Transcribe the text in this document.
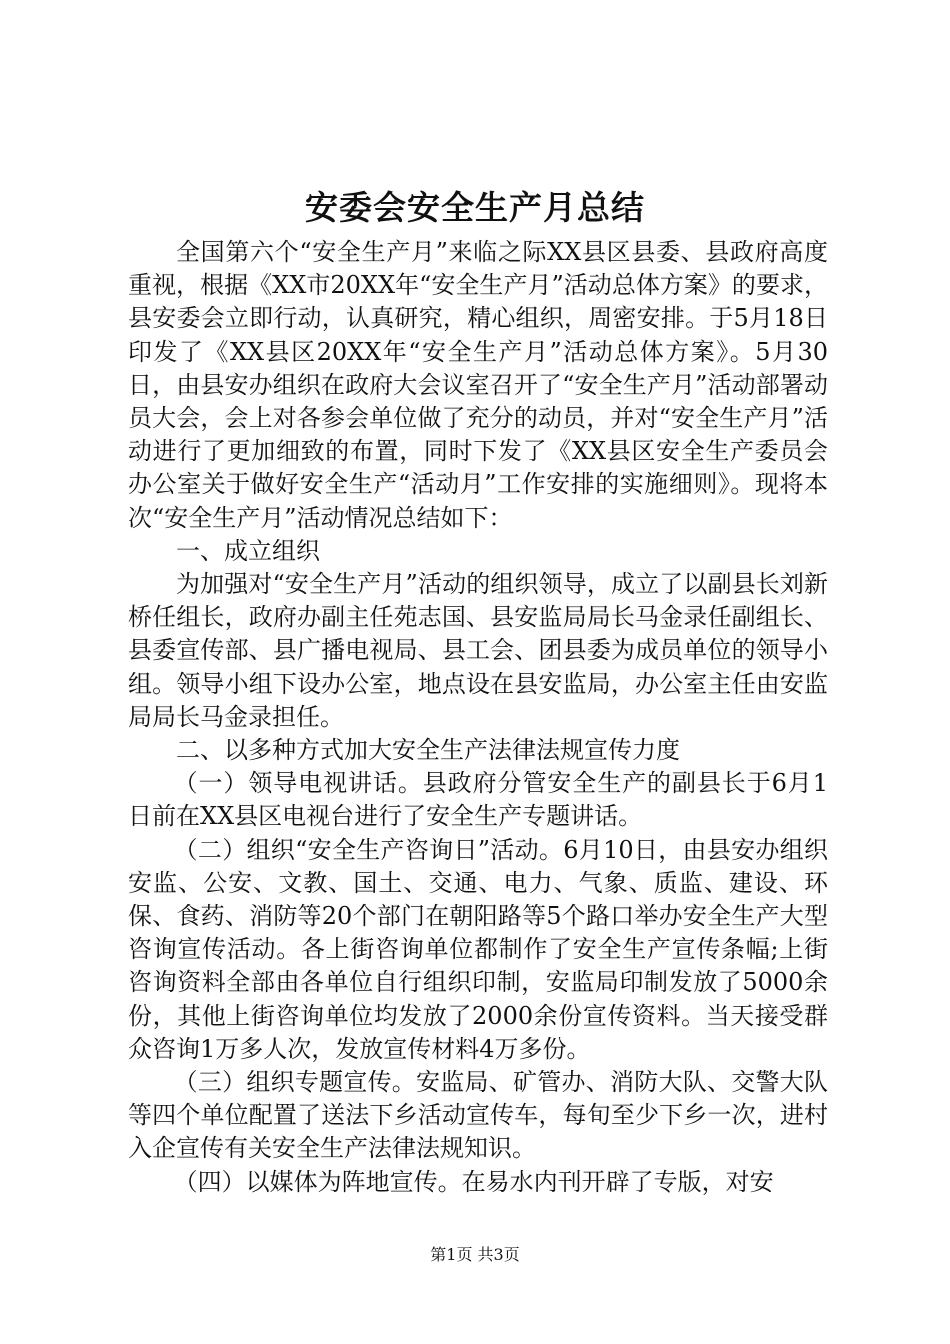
安委会安全生产月总结

全国第六个“安全生产月”来临之际XX县区县委、县政府高度重视，根据《XX市20XX年“安全生产月”活动总体方案》的要求，县安委会立即行动，认真研究，精心组织，周密安排。于5月18日印发了《XX县区20XX年“安全生产月”活动总体方案》。5月30日，由县安办组织在政府大会议室召开了“安全生产月”活动部署动员大会，会上对各参会单位做了充分的动员，并对“安全生产月”活动进行了更加细致的布置，同时下发了《XX县区安全生产委员会办公室关于做好安全生产“活动月”工作安排的实施细则》。现将本次“安全生产月”活动情况总结如下：

一、成立组织

为加强对“安全生产月”活动的组织领导，成立了以副县长刘新桥任组长，政府办副主任苑志国、县安监局局长马金录任副组长、县委宣传部、县广播电视局、县工会、团县委为成员单位的领导小组。领导小组下设办公室，地点设在县安监局，办公室主任由安监局局长马金录担任。

二、以多种方式加大安全生产法律法规宣传力度

（一）领导电视讲话。县政府分管安全生产的副县长于6月1日前在XX县区电视台进行了安全生产专题讲话。

（二）组织“安全生产咨询日”活动。6月10日，由县安办组织安监、公安、文教、国土、交通、电力、气象、质监、建设、环保、食药、消防等20个部门在朝阳路等5个路口举办安全生产大型咨询宣传活动。各上街咨询单位都制作了安全生产宣传条幅;上街咨询资料全部由各单位自行组织印制，安监局印制发放了5000余份，其他上街咨询单位均发放了2000余份宣传资料。当天接受群众咨询1万多人次，发放宣传材料4万多份。

（三）组织专题宣传。安监局、矿管办、消防大队、交警大队等四个单位配置了送法下乡活动宣传车，每旬至少下乡一次，进村入企宣传有关安全生产法律法规知识。

（四）以媒体为阵地宣传。在易水内刊开辟了专版，对安

第1页 共3页
